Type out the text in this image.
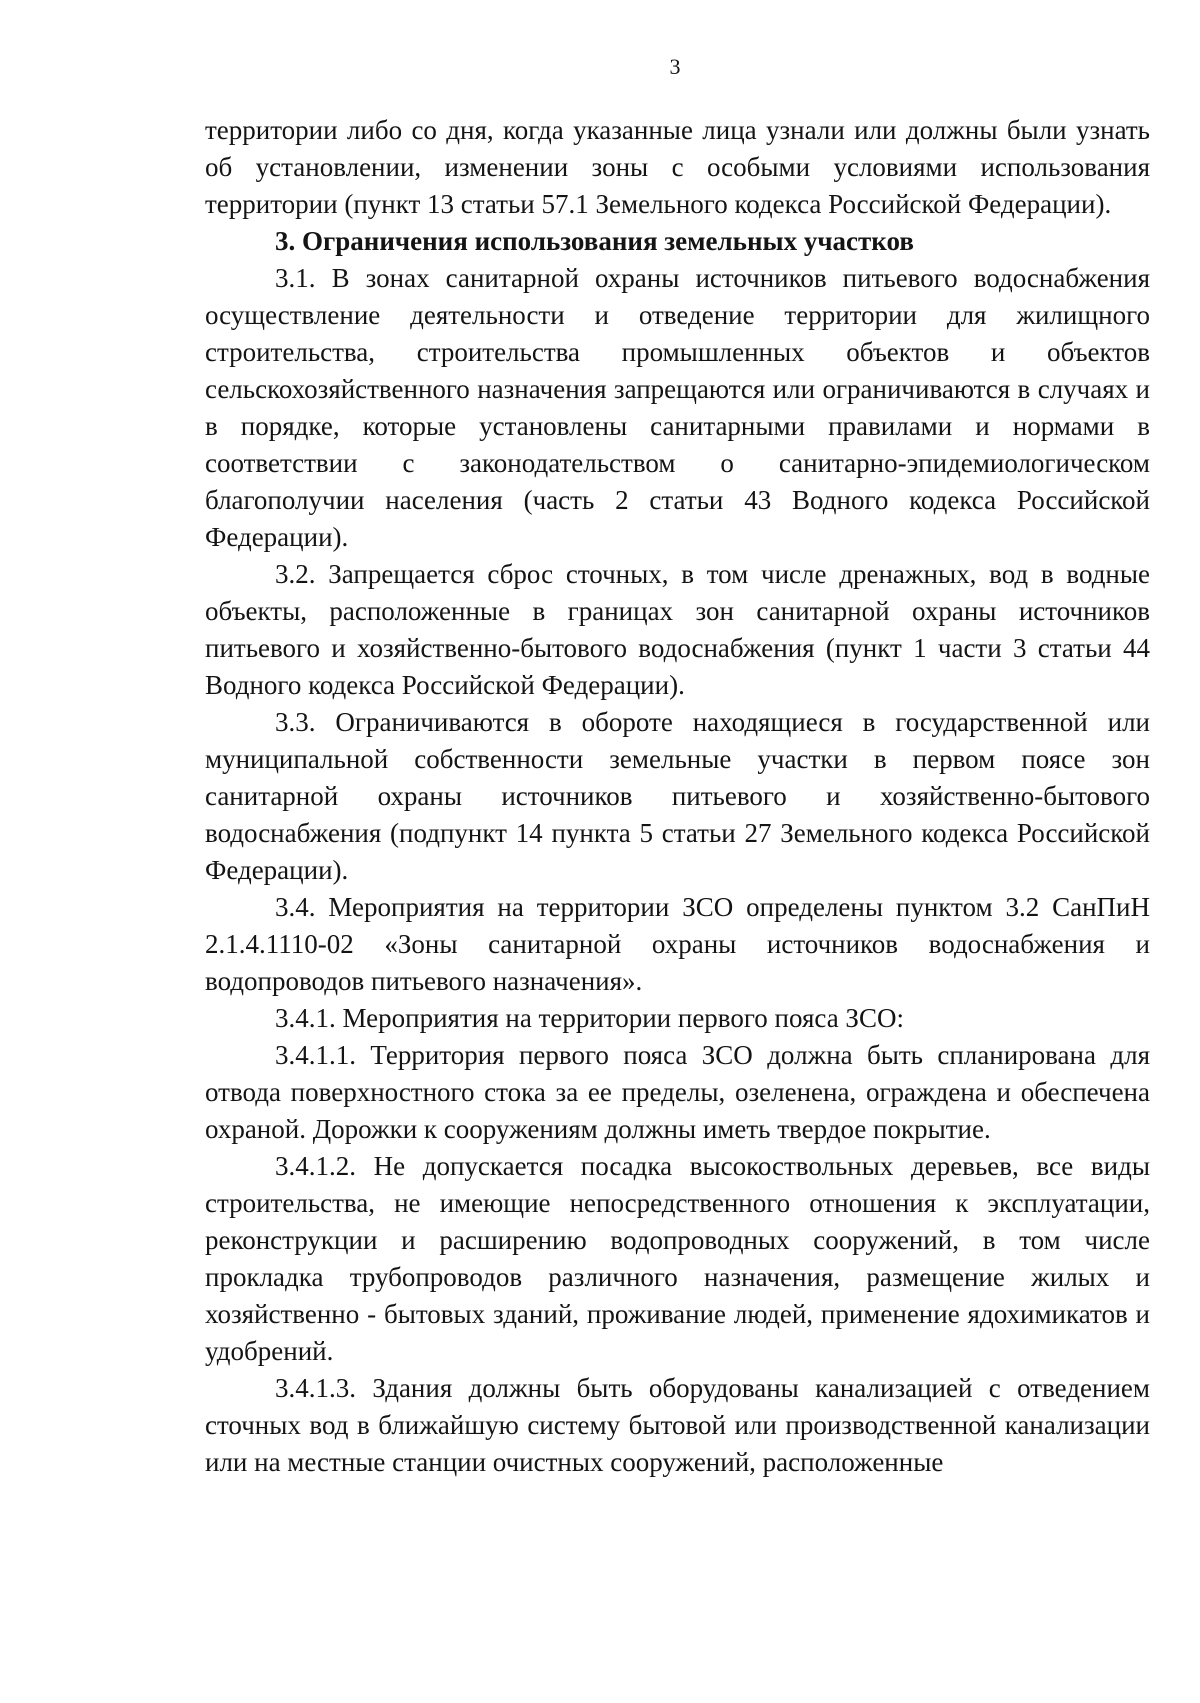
3

территории либо со дня, когда указанные лица узнали или должны были узнать об установлении, изменении зоны с особыми условиями использования территории (пункт 13 статьи 57.1 Земельного кодекса Российской Федерации).

3. Ограничения использования земельных участков

3.1. В зонах санитарной охраны источников питьевого водоснабжения осуществление деятельности и отведение территории для жилищного строительства, строительства промышленных объектов и объектов сельскохозяйственного назначения запрещаются или ограничиваются в случаях и в порядке, которые установлены санитарными правилами и нормами в соответствии с законодательством о санитарно-эпидемиологическом благополучии населения (часть 2 статьи 43 Водного кодекса Российской Федерации).

3.2. Запрещается сброс сточных, в том числе дренажных, вод в водные объекты, расположенные в границах зон санитарной охраны источников питьевого и хозяйственно-бытового водоснабжения (пункт 1 части 3 статьи 44 Водного кодекса Российской Федерации).

3.3. Ограничиваются в обороте находящиеся в государственной или муниципальной собственности земельные участки в первом поясе зон санитарной охраны источников питьевого и хозяйственно-бытового водоснабжения (подпункт 14 пункта 5 статьи 27 Земельного кодекса Российской Федерации).

3.4. Мероприятия на территории ЗСО определены пунктом 3.2 СанПиН 2.1.4.1110-02 «Зоны санитарной охраны источников водоснабжения и водопроводов питьевого назначения».

3.4.1. Мероприятия на территории первого пояса ЗСО:

3.4.1.1. Территория первого пояса ЗСО должна быть спланирована для отвода поверхностного стока за ее пределы, озеленена, ограждена и обеспечена охраной. Дорожки к сооружениям должны иметь твердое покрытие.

3.4.1.2. Не допускается посадка высокоствольных деревьев, все виды строительства, не имеющие непосредственного отношения к эксплуатации, реконструкции и расширению водопроводных сооружений, в том числе прокладка трубопроводов различного назначения, размещение жилых и хозяйственно - бытовых зданий, проживание людей, применение ядохимикатов и удобрений.

3.4.1.3. Здания должны быть оборудованы канализацией с отведением сточных вод в ближайшую систему бытовой или производственной канализации или на местные станции очистных сооружений, расположенные
